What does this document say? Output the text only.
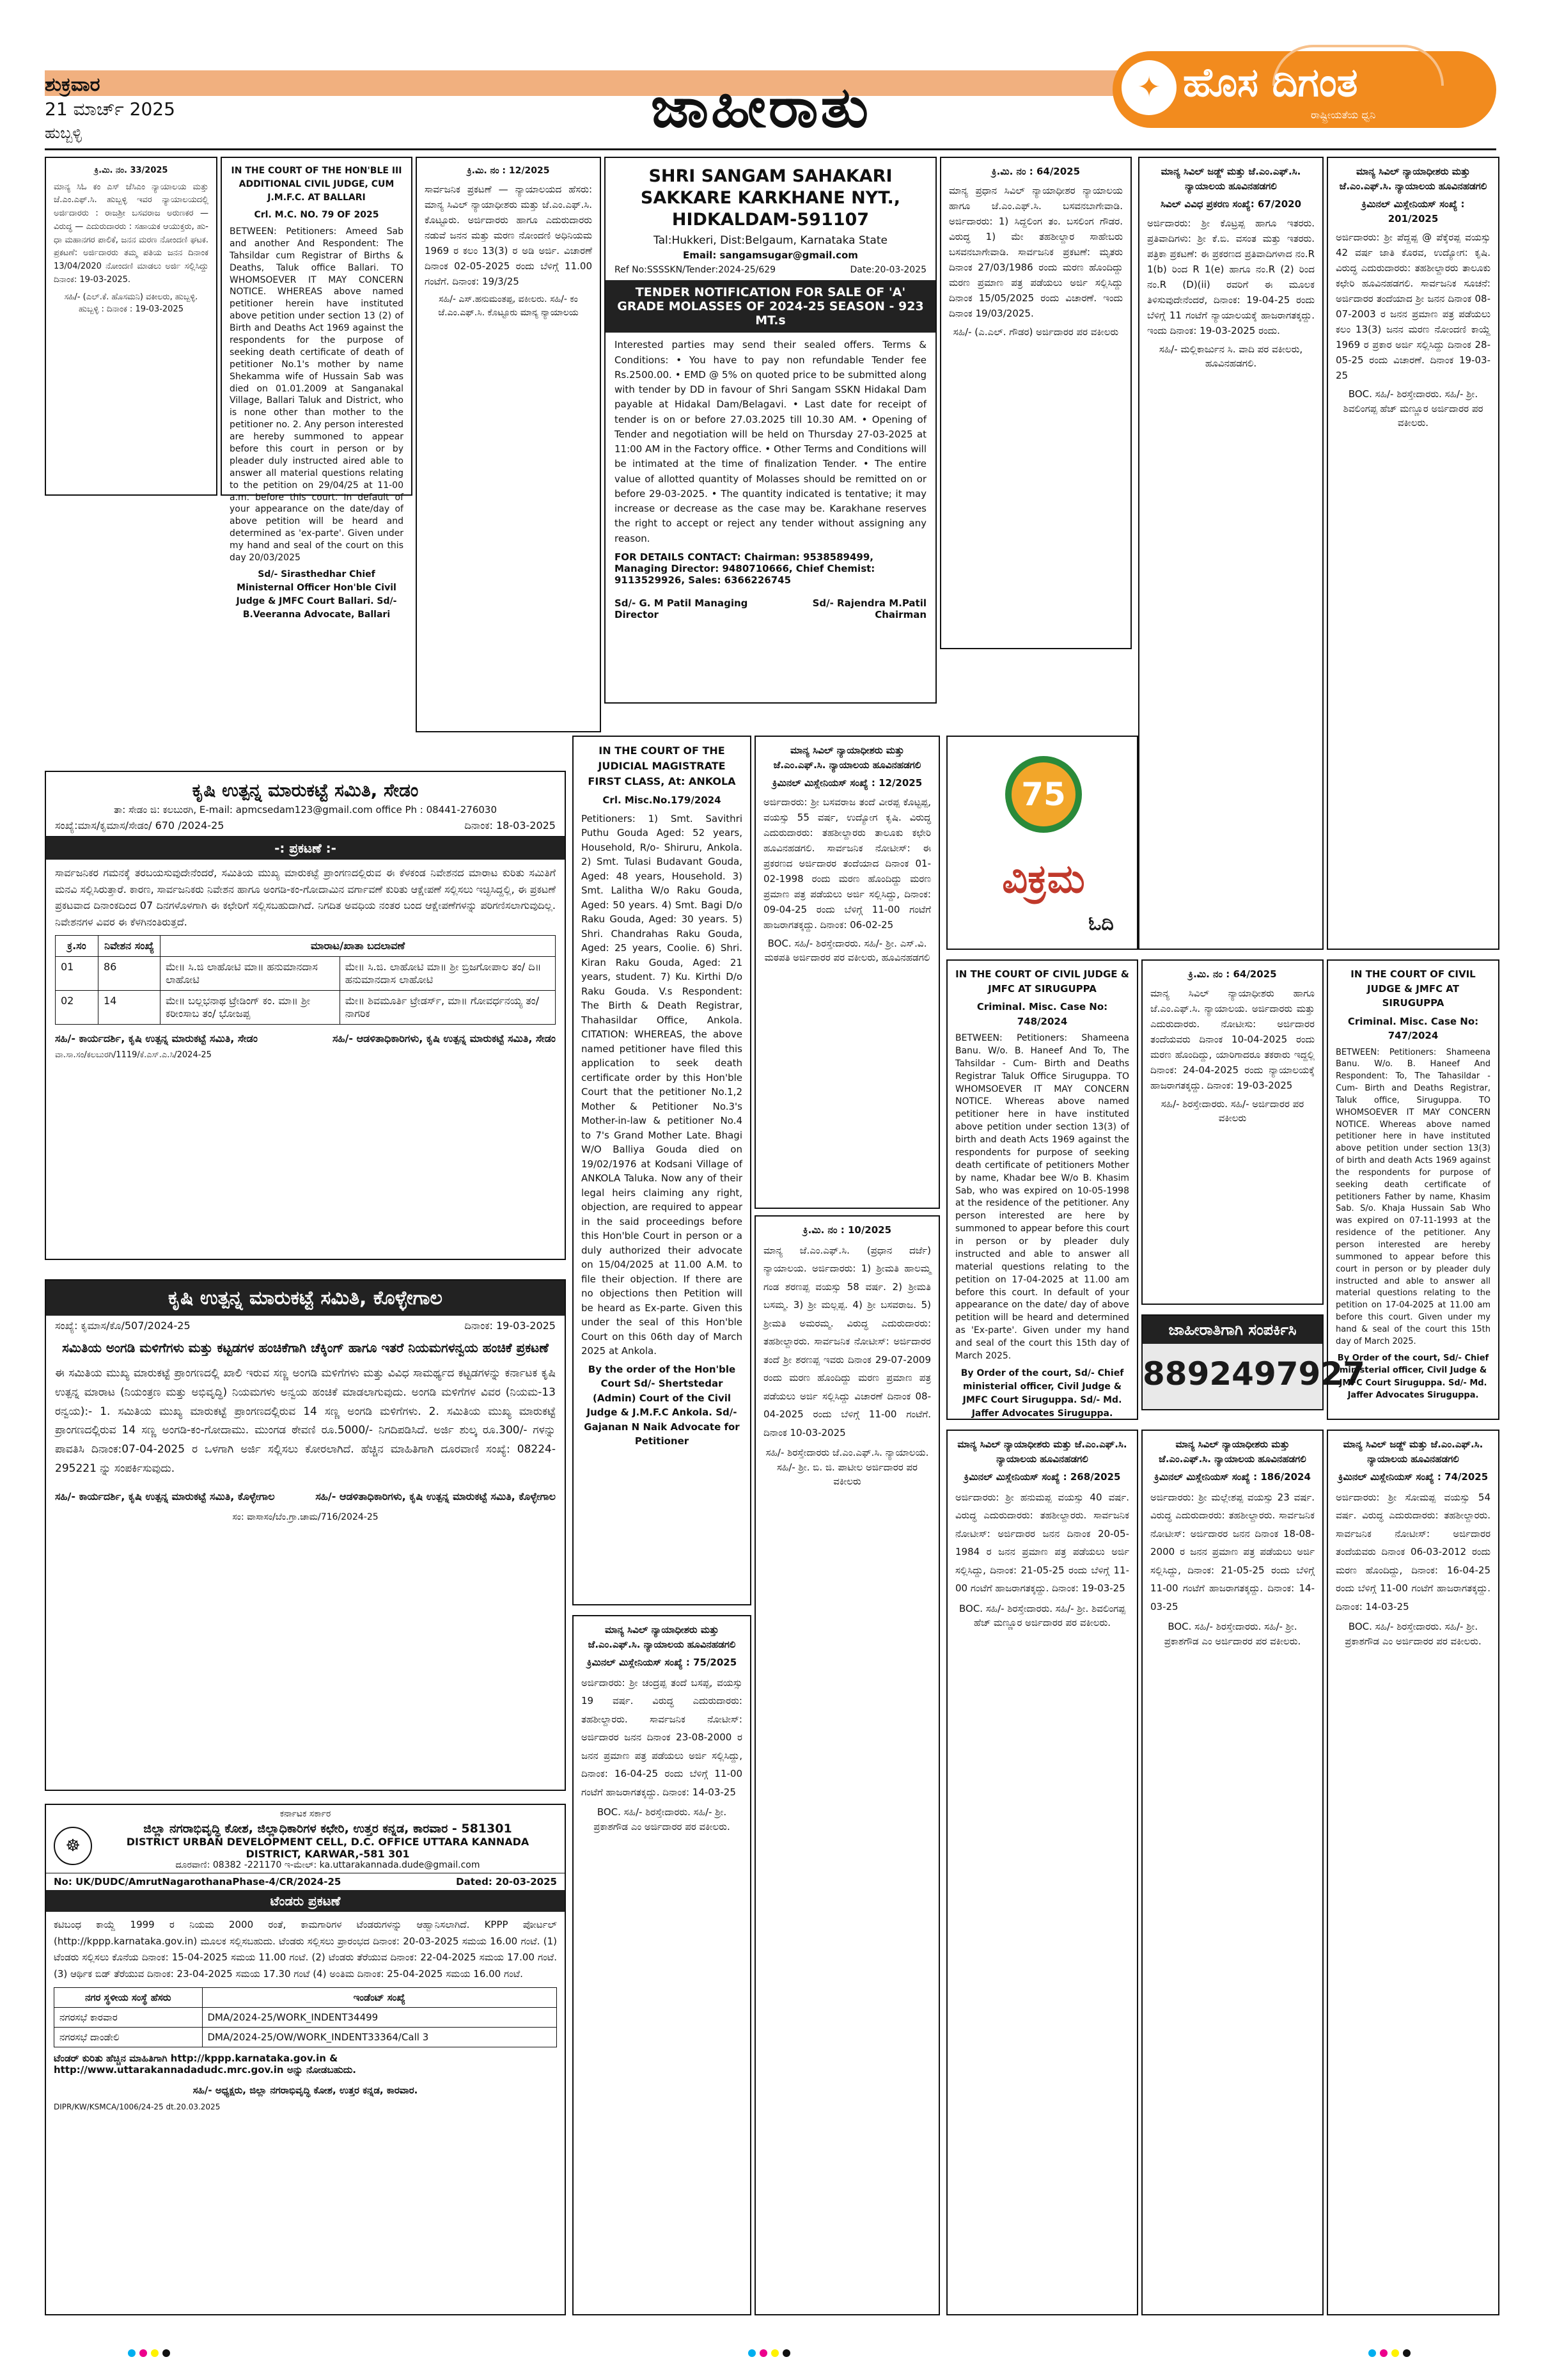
ಶುಕ್ರವಾರ
21 ಮಾರ್ಚ್ 2025
ಹುಬ್ಬಳ್ಳಿ	ಜಾಹೀರಾತು	✦ ಹೊಸ ದಿಗಂತ
ರಾಷ್ಟ್ರೀಯತೆಯ ಧ್ವನಿ

ಕ್ರಿ.ಮಿ. ನಂ. 33/2025

ಮಾನ್ಯ ಸಿಓ ಕಂ ಎಸ್ ಜೆಸಿಎಂ ನ್ಯಾಯಾಲಯ ಮತ್ತು ಜೆ.ಎಂ.ಎಫ್.ಸಿ. ಹುಬ್ಬಳ್ಳಿ ಇವರ ನ್ಯಾಯಾಲಯದಲ್ಲಿ ಅರ್ಜಿದಾರರು : ರಾಜಶ್ರೀ ಬಸವರಾಜ ಅರುಣಕರ — ವಿರುದ್ಧ — ಎದುರುದಾರರು : ಸಹಾಯಕ ಆಯುಕ್ತರು, ಹು-ಧಾ ಮಹಾನಗರ ಪಾಲಿಕೆ, ಜನನ ಮರಣ ನೋಂದಣಿ ಘಟಕ. ಪ್ರಕಟಣೆ: ಅರ್ಜಿದಾರರು ತಮ್ಮ ಪತಿಯ ಜನನ ದಿನಾಂಕ 13/04/2020 ನೋಂದಣಿ ಮಾಡಲು ಅರ್ಜಿ ಸಲ್ಲಿಸಿದ್ದು ದಿನಾಂಕ: 19-03-2025.

ಸಹಿ/- (ಎಲ್.ಕೆ. ಹೊಸಮನಿ) ವಕೀಲರು, ಹುಬ್ಬಳ್ಳಿ. ಹುಬ್ಬಳ್ಳಿ : ದಿನಾಂಕ : 19-03-2025

IN THE COURT OF THE HON'BLE III ADDITIONAL CIVIL JUDGE, CUM J.M.F.C. AT BALLARI

Crl. M.C. NO. 79 OF 2025

BETWEEN: Petitioners: Ameed Sab and another And Respondent: The Tahsildar cum Registrar of Births & Deaths, Taluk office Ballari. TO WHOMSOEVER IT MAY CONCERN NOTICE. WHEREAS above named petitioner herein have instituted above petition under section 13 (2) of Birth and Deaths Act 1969 against the respondents for the purpose of seeking death certificate of death of petitioner No.1's mother by name Shekamma wife of Hussain Sab was died on 01.01.2009 at Sanganakal Village, Ballari Taluk and District, who is none other than mother to the petitioner no. 2. Any person interested are hereby summoned to appear before this court in person or by pleader duly instructed aired able to answer all material questions relating to the petition on 29/04/25 at 11-00 a.m. before this court. In default of your appearance on the date/day of above petition will be heard and determined as 'ex-parte'. Given under my hand and seal of the court on this day 20/03/2025

Sd/- Sirasthedhar Chief Ministernal Officer Hon'ble Civil Judge & JMFC Court Ballari. Sd/- B.Veeranna Advocate, Ballari

ಕ್ರಿ.ಮಿ. ನಂ : 12/2025

ಸಾರ್ವಜನಿಕ ಪ್ರಕಟಣೆ — ನ್ಯಾಯಾಲಯದ ಹೆಸರು: ಮಾನ್ಯ ಸಿವಿಲ್ ನ್ಯಾಯಾಧೀಶರು ಮತ್ತು ಜೆ.ಎಂ.ಎಫ್.ಸಿ. ಕೊಟ್ಟೂರು. ಅರ್ಜಿದಾರರು ಹಾಗೂ ಎದುರುದಾರರು ನಡುವೆ ಜನನ ಮತ್ತು ಮರಣ ನೋಂದಣಿ ಅಧಿನಿಯಮ 1969 ರ ಕಲಂ 13(3) ರ ಅಡಿ ಅರ್ಜಿ. ವಿಚಾರಣೆ ದಿನಾಂಕ 02-05-2025 ರಂದು ಬೆಳಿಗ್ಗೆ 11.00 ಗಂಟೆಗೆ. ದಿನಾಂಕ: 19/3/25

ಸಹಿ/- ಎಸ್.ಹನುಮಂತಪ್ಪ, ವಕೀಲರು. ಸಹಿ/- ಕಂ ಜೆ.ಎಂ.ಎಫ್.ಸಿ. ಕೊಟ್ಟೂರು ಮಾನ್ಯ ನ್ಯಾಯಾಲಯ

SHRI SANGAM SAHAKARI SAKKARE KARKHANE NYT., HIDKALDAM-591107
Tal:Hukkeri, Dist:Belgaum, Karnataka State
Email: sangamsugar@gmail.com
Ref No:SSSSKN/Tender:2024-25/629	Date:20-03-2025
TENDER NOTIFICATION FOR SALE OF 'A' GRADE MOLASSES OF 2024-25 SEASON - 923 MT.s
Interested parties may send their sealed offers. Terms & Conditions: • You have to pay non refundable Tender fee Rs.2500.00. • EMD @ 5% on quoted price to be submitted along with tender by DD in favour of Shri Sangam SSKN Hidakal Dam payable at Hidakal Dam/Belagavi. • Last date for receipt of tender is on or before 27.03.2025 till 10.30 AM. • Opening of Tender and negotiation will be held on Thursday 27-03-2025 at 11:00 AM in the Factory office. • Other Terms and Conditions will be intimated at the time of finalization Tender. • The entire value of allotted quantity of Molasses should be remitted on or before 29-03-2025. • The quantity indicated is tentative; it may increase or decrease as the case may be. Karakhane reserves the right to accept or reject any tender without assigning any reason.
FOR DETAILS CONTACT: Chairman: 9538589499, Managing Director: 9480710666, Chief Chemist: 9113529926, Sales: 6366226745
Sd/- G. M Patil Managing Director
Sd/- Rajendra M.Patil Chairman

ಕ್ರಿ.ಮಿ. ನಂ : 64/2025

ಮಾನ್ಯ ಪ್ರಧಾನ ಸಿವಿಲ್ ನ್ಯಾಯಾಧೀಶರ ನ್ಯಾಯಾಲಯ ಹಾಗೂ ಜೆ.ಎಂ.ಎಫ್.ಸಿ. ಬಸವನಬಾಗೇವಾಡಿ. ಅರ್ಜಿದಾರರು: 1) ಸಿದ್ದಲಿಂಗ ತಂ. ಬಸಲಿಂಗ ಗೌಡರ. ವಿರುದ್ಧ 1) ಮೇ ತಹಶೀಲ್ದಾರ ಸಾಹೇಬರು ಬಸವನಬಾಗೇವಾಡಿ. ಸಾರ್ವಜನಿಕ ಪ್ರಕಟಣೆ: ಮೃತರು ದಿನಾಂಕ 27/03/1986 ರಂದು ಮರಣ ಹೊಂದಿದ್ದು ಮರಣ ಪ್ರಮಾಣ ಪತ್ರ ಪಡೆಯಲು ಅರ್ಜಿ ಸಲ್ಲಿಸಿದ್ದು ದಿನಾಂಕ 15/05/2025 ರಂದು ವಿಚಾರಣೆ. ಇಂದು ದಿನಾಂಕ 19/03/2025.

ಸಹಿ/- (ಎ.ಎಲ್. ಗೌಡರ) ಅರ್ಜಿದಾರರ ಪರ ವಕೀಲರು

ಮಾನ್ಯ ಸಿವಿಲ್ ಜಡ್ಜ್ ಮತ್ತು ಜೆ.ಎಂ.ಎಫ್.ಸಿ. ನ್ಯಾಯಾಲಯ ಹೂವಿನಹಡಗಲಿ

ಸಿವಿಲ್ ವಿವಿಧ ಪ್ರಕರಣ ಸಂಖ್ಯೆ: 67/2020

ಅರ್ಜಿದಾರರು: ಶ್ರೀ ಕೊಟ್ರಪ್ಪ ಹಾಗೂ ಇತರರು. ಪ್ರತಿವಾದಿಗಳು: ಶ್ರೀ ಕೆ.ಬಿ. ವಸಂತ ಮತ್ತು ಇತರರು. ಪತ್ರಿಕಾ ಪ್ರಕಟಣೆ: ಈ ಪ್ರಕರಣದ ಪ್ರತಿವಾದಿಗಳಾದ ನಂ.R 1(b) ರಿಂದ R 1(e) ಹಾಗೂ ನಂ.R (2) ರಿಂದ ನಂ.R (D)(ii) ರವರಿಗೆ ಈ ಮೂಲಕ ತಿಳಿಸುವುದೇನೆಂದರೆ, ದಿನಾಂಕ: 19-04-25 ರಂದು ಬೆಳಿಗ್ಗೆ 11 ಗಂಟೆಗೆ ನ್ಯಾಯಾಲಯಕ್ಕೆ ಹಾಜರಾಗತಕ್ಕದ್ದು. ಇಂದು ದಿನಾಂಕ: 19-03-2025 ರಂದು.

ಸಹಿ/- ಮಲ್ಲಿಕಾರ್ಜುನ ಸಿ. ವಾದಿ ಪರ ವಕೀಲರು, ಹೂವಿನಹಡಗಲಿ.

ಮಾನ್ಯ ಸಿವಿಲ್ ನ್ಯಾಯಾಧೀಶರು ಮತ್ತು ಜೆ.ಎಂ.ಎಫ್.ಸಿ. ನ್ಯಾಯಾಲಯ ಹೂವಿನಹಡಗಲಿ

ಕ್ರಿಮಿನಲ್ ಮಿಸ್ಲೇನಿಯಸ್ ಸಂಖ್ಯೆ : 201/2025

ಅರ್ಜಿದಾರರು: ಶ್ರೀ ಪೆದ್ದಪ್ಪ @ ಪೆಕ್ಕೆರಪ್ಪ ವಯಸ್ಸು 42 ವರ್ಷ ಜಾತಿ ಕೊರವ, ಉದ್ಯೋಗ: ಕೃಷಿ. ವಿರುದ್ಧ ಎದುರುದಾರರು: ತಹಶೀಲ್ದಾರರು ತಾಲೂಕು ಕಛೇರಿ ಹೂವಿನಹಡಗಲಿ. ಸಾರ್ವಜನಿಕ ಸೂಚನೆ: ಅರ್ಜಿದಾರರ ತಂದೆಯಾದ ಶ್ರೀ ಜನನ ದಿನಾಂಕ 08-07-2003 ರ ಜನನ ಪ್ರಮಾಣ ಪತ್ರ ಪಡೆಯಲು ಕಲಂ 13(3) ಜನನ ಮರಣ ನೋಂದಣಿ ಕಾಯ್ದೆ 1969 ರ ಪ್ರಕಾರ ಅರ್ಜಿ ಸಲ್ಲಿಸಿದ್ದು ದಿನಾಂಕ 28-05-25 ರಂದು ವಿಚಾರಣೆ. ದಿನಾಂಕ 19-03-25

BOC. ಸಹಿ/- ಶಿರಸ್ತೇದಾರರು. ಸಹಿ/- ಶ್ರೀ. ಶಿವಲಿಂಗಪ್ಪ ಹೆಚ್ ಮಣ್ಣೂರ ಅರ್ಜಿದಾರರ ಪರ ವಕೀಲರು.

ಕೃಷಿ ಉತ್ಪನ್ನ ಮಾರುಕಟ್ಟೆ ಸಮಿತಿ, ಸೇಡಂ
ತಾ: ಸೇಡಂ ಜಿ: ಕಲಬುರಗಿ, E-mail: apmcsedam123@gmail.com office Ph : 08441-276030
ಸಂಖ್ಯೆ:ಮಾಸ/ಕೃಮಾಸ/ಸೇಡಂ/ 670 /2024-25	ದಿನಾಂಕ: 18-03-2025
-: ಪ್ರಕಟಣೆ :-
ಸಾರ್ವಜನಿಕರ ಗಮನಕ್ಕೆ ತರಬಯಸುವುದೇನೆಂದರೆ, ಸಮಿತಿಯ ಮುಖ್ಯ ಮಾರುಕಟ್ಟೆ ಪ್ರಾಂಗಣದಲ್ಲಿರುವ ಈ ಕೆಳಕಂಡ ನಿವೇಶನದ ಮಾರಾಟ ಕುರಿತು ಸಮಿತಿಗೆ ಮನವಿ ಸಲ್ಲಿಸಿರುತ್ತಾರೆ. ಕಾರಣ, ಸಾರ್ವಜನಿಕರು ನಿವೇಶನ ಹಾಗೂ ಅಂಗಡಿ-ಕಂ-ಗೋದಾಮಿನ ವರ್ಗಾವಣೆ ಕುರಿತು ಆಕ್ಷೇಪಣೆ ಸಲ್ಲಿಸಲು ಇಚ್ಛಿಸಿದ್ದಲ್ಲಿ, ಈ ಪ್ರಕಟಣೆ ಪ್ರಕಟವಾದ ದಿನಾಂಕದಿಂದ 07 ದಿನಗಳೊಳಗಾಗಿ ಈ ಕಛೇರಿಗೆ ಸಲ್ಲಿಸಬಹುದಾಗಿದೆ. ನಿಗದಿತ ಅವಧಿಯ ನಂತರ ಬಂದ ಆಕ್ಷೇಪಣೆಗಳನ್ನು ಪರಿಗಣಿಸಲಾಗುವುದಿಲ್ಲ. ನಿವೇಶನಗಳ ವಿವರ ಈ ಕೆಳಗಿನಂತಿರುತ್ತದೆ.
ಕ್ರ.ಸಂ	ನಿವೇಶನ ಸಂಖ್ಯೆ	ಮಾರಾಟ/ಖಾತಾ ಬದಲಾವಣೆ	
01	86	ಮೇ॥ ಸಿ.ಜಿ ಲಾಹೋಟಿ ಮಾ॥ ಹನುಮಾನದಾಸ ಲಾಹೋಟಿ	ಮೇ॥ ಸಿ.ಜಿ. ಲಾಹೋಟಿ ಮಾ॥ ಶ್ರೀ ಬ್ರಿಜಗೋಪಾಲ ತಂ/ ದಿ॥ ಹನುಮಾನದಾಸ ಲಾಹೋಟಿ
02	14	ಮೇ॥ ಬಲ್ಲಭನಾಥ ಟ್ರೇಡಿಂಗ್ ಕಂ. ಮಾ॥ ಶ್ರೀ ಕರೀಂಸಾಬ ತಂ/ ಭೋಜಪ್ಪ	ಮೇ॥ ಶಿವಮೂರ್ತಿ ಟ್ರೇಡರ್ಸ್, ಮಾ॥ ಗೋವರ್ಧನಯ್ಯ ತಂ/ ನಾಗರಿಕ
ಸಹಿ/- ಕಾರ್ಯದರ್ಶಿ, ಕೃಷಿ ಉತ್ಪನ್ನ ಮಾರುಕಟ್ಟೆ ಸಮಿತಿ, ಸೇಡಂ	ಸಹಿ/- ಆಡಳಿತಾಧಿಕಾರಿಗಳು, ಕೃಷಿ ಉತ್ಪನ್ನ ಮಾರುಕಟ್ಟೆ ಸಮಿತಿ, ಸೇಡಂ
ವಾ.ಸಾ.ಸಂ/ಕಲಬುರಗಿ/1119/ಕೆ.ಎಸ್.ಎ.ಸಿ/2024-25
ಕೃಷಿ ಉತ್ಪನ್ನ ಮಾರುಕಟ್ಟೆ ಸಮಿತಿ, ಕೊಳ್ಳೇಗಾಲ
ಸಂಖ್ಯೆ: ಕೃಮಾಸ/ಕೊ/507/2024-25	ದಿನಾಂಕ: 19-03-2025
ಸಮಿತಿಯ ಅಂಗಡಿ ಮಳಿಗೆಗಳು ಮತ್ತು ಕಟ್ಟಡಗಳ ಹಂಚಿಕೆಗಾಗಿ ಚೆಕ್ಕಿಂಗ್ ಹಾಗೂ ಇತರೆ ನಿಯಮಗಳನ್ವಯ ಹಂಚಿಕೆ ಪ್ರಕಟಣೆ
ಈ ಸಮಿತಿಯ ಮುಖ್ಯ ಮಾರುಕಟ್ಟೆ ಪ್ರಾಂಗಣದಲ್ಲಿ ಖಾಲಿ ಇರುವ ಸಣ್ಣ ಅಂಗಡಿ ಮಳಿಗೆಗಳು ಮತ್ತು ವಿವಿಧ ಸಾಮರ್ಥ್ಯದ ಕಟ್ಟಡಗಳನ್ನು ಕರ್ನಾಟಕ ಕೃಷಿ ಉತ್ಪನ್ನ ಮಾರಾಟ (ನಿಯಂತ್ರಣ ಮತ್ತು ಅಭಿವೃದ್ಧಿ) ನಿಯಮಗಳು ಅನ್ವಯ ಹಂಚಿಕೆ ಮಾಡಲಾಗುವುದು. ಅಂಗಡಿ ಮಳಿಗೆಗಳ ವಿವರ (ನಿಯಮ-13 ರನ್ವಯ):- 1. ಸಮಿತಿಯ ಮುಖ್ಯ ಮಾರುಕಟ್ಟೆ ಪ್ರಾಂಗಣದಲ್ಲಿರುವ 14 ಸಣ್ಣ ಅಂಗಡಿ ಮಳಿಗೆಗಳು. 2. ಸಮಿತಿಯ ಮುಖ್ಯ ಮಾರುಕಟ್ಟೆ ಪ್ರಾಂಗಣದಲ್ಲಿರುವ 14 ಸಣ್ಣ ಅಂಗಡಿ-ಕಂ-ಗೋದಾಮು. ಮುಂಗಡ ಠೇವಣಿ ರೂ.5000/- ನಿಗದಿಪಡಿಸಿದೆ. ಅರ್ಜಿ ಶುಲ್ಕ ರೂ.300/- ಗಳನ್ನು ಪಾವತಿಸಿ ದಿನಾಂಕ:07-04-2025 ರ ಒಳಗಾಗಿ ಅರ್ಜಿ ಸಲ್ಲಿಸಲು ಕೋರಲಾಗಿದೆ. ಹೆಚ್ಚಿನ ಮಾಹಿತಿಗಾಗಿ ದೂರವಾಣಿ ಸಂಖ್ಯೆ: 08224-295221 ನ್ನು ಸಂಪರ್ಕಿಸುವುದು.
ಸಹಿ/- ಕಾರ್ಯದರ್ಶಿ, ಕೃಷಿ ಉತ್ಪನ್ನ ಮಾರುಕಟ್ಟೆ ಸಮಿತಿ, ಕೊಳ್ಳೇಗಾಲ	ಸಹಿ/- ಆಡಳಿತಾಧಿಕಾರಿಗಳು, ಕೃಷಿ ಉತ್ಪನ್ನ ಮಾರುಕಟ್ಟೆ ಸಮಿತಿ, ಕೊಳ್ಳೇಗಾಲ
ಸಂ: ವಾಸಾಸಂ/ಬೆಂ.ಗ್ರಾ.ಚಾಮ/716/2024-25
ಕರ್ನಾಟಕ ಸರ್ಕಾರ
☸
ಜಿಲ್ಲಾ ನಗರಾಭಿವೃದ್ಧಿ ಕೋಶ, ಜಿಲ್ಲಾಧಿಕಾರಿಗಳ ಕಛೇರಿ, ಉತ್ತರ ಕನ್ನಡ, ಕಾರವಾರ - 581301
DISTRICT URBAN DEVELOPMENT CELL, D.C. OFFICE UTTARA KANNADA DISTRICT, KARWAR,-581 301
ದೂರವಾಣಿ: 08382 -221170 ಇ-ಮೇಲ್: ka.uttarakannada.dude@gmail.com
No: UK/DUDC/AmrutNagarothanaPhase-4/CR/2024-25	Dated: 20-03-2025
ಟೆಂಡರು ಪ್ರಕಟಣೆ
ಕಟಿಬಂಧ ಕಾಯ್ದೆ 1999 ರ ನಿಯಮ 2000 ರಂತೆ, ಕಾಮಗಾರಿಗಳ ಟೆಂಡರುಗಳನ್ನು ಆಹ್ವಾನಿಸಲಾಗಿದೆ. KPPP ಪೋರ್ಟಲ್ (http://kppp.karnataka.gov.in) ಮೂಲಕ ಸಲ್ಲಿಸಬಹುದು. ಟೆಂಡರು ಸಲ್ಲಿಸಲು ಪ್ರಾರಂಭದ ದಿನಾಂಕ: 20-03-2025 ಸಮಯ 16.00 ಗಂಟೆ. (1) ಟೆಂಡರು ಸಲ್ಲಿಸಲು ಕೊನೆಯ ದಿನಾಂಕ: 15-04-2025 ಸಮಯ 11.00 ಗಂಟೆ. (2) ಟೆಂಡರು ತೆರೆಯುವ ದಿನಾಂಕ: 22-04-2025 ಸಮಯ 17.00 ಗಂಟೆ. (3) ಆರ್ಥಿಕ ಬಿಡ್ ತೆರೆಯುವ ದಿನಾಂಕ: 23-04-2025 ಸಮಯ 17.30 ಗಂಟೆ (4) ಅಂತಿಮ ದಿನಾಂಕ: 25-04-2025 ಸಮಯ 16.00 ಗಂಟೆ.
ನಗರ ಸ್ಥಳೀಯ ಸಂಸ್ಥೆ ಹೆಸರು	ಇಂಡೆಂಟ್ ಸಂಖ್ಯೆ
ನಗರಸಭೆ ಕಾರವಾರ	DMA/2024-25/WORK_INDENT34499
ನಗರಸಭೆ ದಾಂಡೇಲಿ	DMA/2024-25/OW/WORK_INDENT33364/Call 3
ಟೆಂಡರ್ ಕುರಿತು ಹೆಚ್ಚಿನ ಮಾಹಿತಿಗಾಗಿ http://kppp.karnataka.gov.in & http://www.uttarakannadadudc.mrc.gov.in ಅನ್ನು ನೋಡಬಹುದು.
ಸಹಿ/- ಅಧ್ಯಕ್ಷರು, ಜಿಲ್ಲಾ ನಗರಾಭಿವೃದ್ಧಿ ಕೋಶ, ಉತ್ತರ ಕನ್ನಡ, ಕಾರವಾರ.
DIPR/KW/KSMCA/1006/24-25 dt.20.03.2025

IN THE COURT OF THE JUDICIAL MAGISTRATE FIRST CLASS, At: ANKOLA

Crl. Misc.No.179/2024

Petitioners: 1) Smt. Savithri Puthu Gouda Aged: 52 years, Household, R/o- Shiruru, Ankola. 2) Smt. Tulasi Budavant Gouda, Aged: 48 years, Household. 3) Smt. Lalitha W/o Raku Gouda, Aged: 50 years. 4) Smt. Bagi D/o Raku Gouda, Aged: 30 years. 5) Shri. Chandrahas Raku Gouda, Aged: 25 years, Coolie. 6) Shri. Kiran Raku Gouda, Aged: 21 years, student. 7) Ku. Kirthi D/o Raku Gouda. V.s Respondent: The Birth & Death Registrar, Thahasildar Office, Ankola. CITATION: WHEREAS, the above named petitioner have filed this application to seek death certificate order by this Hon'ble Court that the petitioner No.1,2 Mother & Petitioner No.3's Mother-in-law & petitioner No.4 to 7's Grand Mother Late. Bhagi W/O Balliya Gouda died on 19/02/1976 at Kodsani Village of ANKOLA Taluka. Now any of their legal heirs claiming any right, objection, are required to appear in the said proceedings before this Hon'ble Court in person or a duly authorized their advocate on 15/04/2025 at 11.00 A.M. to file their objection. If there are no objections then Petition will be heard as Ex-parte. Given this under the seal of this Hon'ble Court on this 06th day of March 2025 at Ankola.

By the order of the Hon'ble Court Sd/- Shertstedar (Admin) Court of the Civil Judge & J.M.F.C Ankola. Sd/- Gajanan N Naik Advocate for Petitioner

ಮಾನ್ಯ ಸಿವಿಲ್ ನ್ಯಾಯಾಧೀಶರು ಮತ್ತು ಜೆ.ಎಂ.ಎಫ್.ಸಿ. ನ್ಯಾಯಾಲಯ ಹೂವಿನಹಡಗಲಿ

ಕ್ರಿಮಿನಲ್ ಮಿಸ್ಲೇನಿಯಸ್ ಸಂಖ್ಯೆ : 12/2025

ಅರ್ಜಿದಾರರು: ಶ್ರೀ ಬಸವರಾಜ ತಂದೆ ವೀರಪ್ಪ ಕೊಟ್ಟಪ್ಪ, ವಯಸ್ಸು 55 ವರ್ಷ, ಉದ್ಯೋಗ ಕೃಷಿ. ವಿರುದ್ಧ ಎದುರುದಾರರು: ತಹಶೀಲ್ದಾರರು ತಾಲೂಕು ಕಛೇರಿ ಹೂವಿನಹಡಗಲಿ. ಸಾರ್ವಜನಿಕ ನೋಟೀಸ್: ಈ ಪ್ರಕರಣದ ಅರ್ಜಿದಾರರ ತಂದೆಯಾದ ದಿನಾಂಕ 01-02-1998 ರಂದು ಮರಣ ಹೊಂದಿದ್ದು ಮರಣ ಪ್ರಮಾಣ ಪತ್ರ ಪಡೆಯಲು ಅರ್ಜಿ ಸಲ್ಲಿಸಿದ್ದು, ದಿನಾಂಕ: 09-04-25 ರಂದು ಬೆಳಿಗ್ಗೆ 11-00 ಗಂಟೆಗೆ ಹಾಜರಾಗತಕ್ಕದ್ದು. ದಿನಾಂಕ: 06-02-25

BOC. ಸಹಿ/- ಶಿರಸ್ತೇದಾರರು. ಸಹಿ/- ಶ್ರೀ. ಎಸ್.ವಿ. ಮಠಪತಿ ಅರ್ಜಿದಾರರ ಪರ ವಕೀಲರು, ಹೂವಿನಹಡಗಲಿ

75
ವಿಕ್ರಮ
ಓದಿ

IN THE COURT OF CIVIL JUDGE & JMFC AT SIRUGUPPA

Criminal. Misc. Case No: 748/2024

BETWEEN: Petitioners: Shameena Banu. W/o. B. Haneef And To, The Tahsildar - Cum- Birth and Deaths Registrar Taluk Office Siruguppa. TO WHOMSOEVER IT MAY CONCERN NOTICE. Whereas above named petitioner here in have instituted above petition under section 13(3) of birth and death Acts 1969 against the respondents for purpose of seeking death certificate of petitioners Mother by name, Khadar bee W/o B. Khasim Sab, who was expired on 10-05-1998 at the residence of the petitioner. Any person interested are here by summoned to appear before this court in person or by pleader duly instructed and able to answer all material questions relating to the petition on 17-04-2025 at 11.00 am before this court. In default of your appearance on the date/ day of above petition will be heard and determined as 'Ex-parte'. Given under my hand and seal of the court this 15th day of March 2025.

By Order of the court, Sd/- Chief ministerial officer, Civil Judge & JMFC Court Siruguppa. Sd/- Md. Jaffer Advocates Siruguppa.

ಕ್ರಿ.ಮಿ. ನಂ : 64/2025

ಮಾನ್ಯ ಸಿವಿಲ್ ನ್ಯಾಯಾಧೀಶರು ಹಾಗೂ ಜೆ.ಎಂ.ಎಫ್.ಸಿ. ನ್ಯಾಯಾಲಯ. ಅರ್ಜಿದಾರರು ಮತ್ತು ಎದುರುದಾರರು. ನೋಟೀಸು: ಅರ್ಜಿದಾರರ ತಂದೆಯವರು ದಿನಾಂಕ 10-04-2025 ರಂದು ಮರಣ ಹೊಂದಿದ್ದು, ಯಾರಿಗಾದರೂ ತಕರಾರು ಇದ್ದಲ್ಲಿ ದಿನಾಂಕ: 24-04-2025 ರಂದು ನ್ಯಾಯಾಲಯಕ್ಕೆ ಹಾಜರಾಗತಕ್ಕದ್ದು. ದಿನಾಂಕ: 19-03-2025

ಸಹಿ/- ಶಿರಸ್ತೇದಾರರು. ಸಹಿ/- ಅರ್ಜಿದಾರರ ಪರ ವಕೀಲರು

ಜಾಹೀರಾತಿಗಾಗಿ ಸಂಪರ್ಕಿಸಿ
8892497927

IN THE COURT OF CIVIL JUDGE & JMFC AT SIRUGUPPA

Criminal. Misc. Case No: 747/2024

BETWEEN: Petitioners: Shameena Banu. W/o. B. Haneef And Respondent: To, The Tahasildar - Cum- Birth and Deaths Registrar, Taluk office, Siruguppa. TO WHOMSOEVER IT MAY CONCERN NOTICE. Whereas above named petitioner here in have instituted above petition under section 13(3) of birth and death Acts 1969 against the respondents for purpose of seeking death certificate of petitioners Father by name, Khasim Sab. S/o. Khaja Hussain Sab Who was expired on 07-11-1993 at the residence of the petitioner. Any person interested are hereby summoned to appear before this court in person or by pleader duly instructed and able to answer all material questions relating to the petition on 17-04-2025 at 11.00 am before this court. Given under my hand & seal of the court this 15th day of March 2025.

By Order of the court, Sd/- Chief ministerial officer, Civil Judge & JMFC Court Siruguppa. Sd/- Md. Jaffer Advocates Siruguppa.

ಕ್ರಿ.ಮಿ. ನಂ : 10/2025

ಮಾನ್ಯ ಜೆ.ಎಂ.ಎಫ್.ಸಿ. (ಪ್ರಧಾನ ದರ್ಜೆ) ನ್ಯಾಯಾಲಯ. ಅರ್ಜಿದಾರರು: 1) ಶ್ರೀಮತಿ ಹಾಲಮ್ಮ ಗಂಡ ಶರಣಪ್ಪ ವಯಸ್ಸು 58 ವರ್ಷ. 2) ಶ್ರೀಮತಿ ಬಸಮ್ಮ. 3) ಶ್ರೀ ಮಲ್ಲಪ್ಪ. 4) ಶ್ರೀ ಬಸವರಾಜ. 5) ಶ್ರೀಮತಿ ಅಮರಮ್ಮ. ವಿರುದ್ಧ ಎದುರುದಾರರು: ತಹಶೀಲ್ದಾರರು. ಸಾರ್ವಜನಿಕ ನೋಟೀಸ್: ಅರ್ಜಿದಾರರ ತಂದೆ ಶ್ರೀ ಶರಣಪ್ಪ ಇವರು ದಿನಾಂಕ 29-07-2009 ರಂದು ಮರಣ ಹೊಂದಿದ್ದು ಮರಣ ಪ್ರಮಾಣ ಪತ್ರ ಪಡೆಯಲು ಅರ್ಜಿ ಸಲ್ಲಿಸಿದ್ದು ವಿಚಾರಣೆ ದಿನಾಂಕ 08-04-2025 ರಂದು ಬೆಳಿಗ್ಗೆ 11-00 ಗಂಟೆಗೆ. ದಿನಾಂಕ 10-03-2025

ಸಹಿ/- ಶಿರಸ್ತೇದಾರರು ಜೆ.ಎಂ.ಎಫ್.ಸಿ. ನ್ಯಾಯಾಲಯ. ಸಹಿ/- ಶ್ರೀ. ಬಿ. ಜಿ. ಪಾಟೀಲ ಅರ್ಜಿದಾರರ ಪರ ವಕೀಲರು

ಮಾನ್ಯ ಸಿವಿಲ್ ನ್ಯಾಯಾಧೀಶರು ಮತ್ತು ಜೆ.ಎಂ.ಎಫ್.ಸಿ. ನ್ಯಾಯಾಲಯ ಹೂವಿನಹಡಗಲಿ

ಕ್ರಿಮಿನಲ್ ಮಿಸ್ಲೇನಿಯಸ್ ಸಂಖ್ಯೆ : 75/2025

ಅರ್ಜಿದಾರರು: ಶ್ರೀ ಚಂದ್ರಪ್ಪ ತಂದೆ ಬಸಪ್ಪ, ವಯಸ್ಸು 19 ವರ್ಷ. ವಿರುದ್ಧ ಎದುರುದಾರರು: ತಹಶೀಲ್ದಾರರು. ಸಾರ್ವಜನಿಕ ನೋಟೀಸ್: ಅರ್ಜಿದಾರರ ಜನನ ದಿನಾಂಕ 23-08-2000 ರ ಜನನ ಪ್ರಮಾಣ ಪತ್ರ ಪಡೆಯಲು ಅರ್ಜಿ ಸಲ್ಲಿಸಿದ್ದು, ದಿನಾಂಕ: 16-04-25 ರಂದು ಬೆಳಿಗ್ಗೆ 11-00 ಗಂಟೆಗೆ ಹಾಜರಾಗತಕ್ಕದ್ದು. ದಿನಾಂಕ: 14-03-25

BOC. ಸಹಿ/- ಶಿರಸ್ತೇದಾರರು. ಸಹಿ/- ಶ್ರೀ. ಪ್ರಕಾಶಗೌಡ ಎಂ ಅರ್ಜಿದಾರರ ಪರ ವಕೀಲರು.

ಮಾನ್ಯ ಸಿವಿಲ್ ನ್ಯಾಯಾಧೀಶರು ಮತ್ತು ಜೆ.ಎಂ.ಎಫ್.ಸಿ. ನ್ಯಾಯಾಲಯ ಹೂವಿನಹಡಗಲಿ

ಕ್ರಿಮಿನಲ್ ಮಿಸ್ಲೇನಿಯಸ್ ಸಂಖ್ಯೆ : 268/2025

ಅರ್ಜಿದಾರರು: ಶ್ರೀ ಹನುಮಪ್ಪ ವಯಸ್ಸು 40 ವರ್ಷ. ವಿರುದ್ಧ ಎದುರುದಾರರು: ತಹಶೀಲ್ದಾರರು. ಸಾರ್ವಜನಿಕ ನೋಟೀಸ್: ಅರ್ಜಿದಾರರ ಜನನ ದಿನಾಂಕ 20-05-1984 ರ ಜನನ ಪ್ರಮಾಣ ಪತ್ರ ಪಡೆಯಲು ಅರ್ಜಿ ಸಲ್ಲಿಸಿದ್ದು, ದಿನಾಂಕ: 21-05-25 ರಂದು ಬೆಳಿಗ್ಗೆ 11-00 ಗಂಟೆಗೆ ಹಾಜರಾಗತಕ್ಕದ್ದು. ದಿನಾಂಕ: 19-03-25

BOC. ಸಹಿ/- ಶಿರಸ್ತೇದಾರರು. ಸಹಿ/- ಶ್ರೀ. ಶಿವಲಿಂಗಪ್ಪ ಹೆಚ್ ಮಣ್ಣೂರ ಅರ್ಜಿದಾರರ ಪರ ವಕೀಲರು.

ಮಾನ್ಯ ಸಿವಿಲ್ ನ್ಯಾಯಾಧೀಶರು ಮತ್ತು ಜೆ.ಎಂ.ಎಫ್.ಸಿ. ನ್ಯಾಯಾಲಯ ಹೂವಿನಹಡಗಲಿ

ಕ್ರಿಮಿನಲ್ ಮಿಸ್ಲೇನಿಯಸ್ ಸಂಖ್ಯೆ : 186/2024

ಅರ್ಜಿದಾರರು: ಶ್ರೀ ಮಲ್ಲೇಶಪ್ಪ ವಯಸ್ಸು 23 ವರ್ಷ. ವಿರುದ್ಧ ಎದುರುದಾರರು: ತಹಶೀಲ್ದಾರರು. ಸಾರ್ವಜನಿಕ ನೋಟೀಸ್: ಅರ್ಜಿದಾರರ ಜನನ ದಿನಾಂಕ 18-08-2000 ರ ಜನನ ಪ್ರಮಾಣ ಪತ್ರ ಪಡೆಯಲು ಅರ್ಜಿ ಸಲ್ಲಿಸಿದ್ದು, ದಿನಾಂಕ: 21-05-25 ರಂದು ಬೆಳಿಗ್ಗೆ 11-00 ಗಂಟೆಗೆ ಹಾಜರಾಗತಕ್ಕದ್ದು. ದಿನಾಂಕ: 14-03-25

BOC. ಸಹಿ/- ಶಿರಸ್ತೇದಾರರು. ಸಹಿ/- ಶ್ರೀ. ಪ್ರಕಾಶಗೌಡ ಎಂ ಅರ್ಜಿದಾರರ ಪರ ವಕೀಲರು.

ಮಾನ್ಯ ಸಿವಿಲ್ ಜಡ್ಜ್ ಮತ್ತು ಜೆ.ಎಂ.ಎಫ್.ಸಿ. ನ್ಯಾಯಾಲಯ ಹೂವಿನಹಡಗಲಿ

ಕ್ರಿಮಿನಲ್ ಮಿಸ್ಲೇನಿಯಸ್ ಸಂಖ್ಯೆ : 74/2025

ಅರ್ಜಿದಾರರು: ಶ್ರೀ ಸೋಮಪ್ಪ ವಯಸ್ಸು 54 ವರ್ಷ. ವಿರುದ್ಧ ಎದುರುದಾರರು: ತಹಶೀಲ್ದಾರರು. ಸಾರ್ವಜನಿಕ ನೋಟೀಸ್: ಅರ್ಜಿದಾರರ ತಂದೆಯವರು ದಿನಾಂಕ 06-03-2012 ರಂದು ಮರಣ ಹೊಂದಿದ್ದು, ದಿನಾಂಕ: 16-04-25 ರಂದು ಬೆಳಿಗ್ಗೆ 11-00 ಗಂಟೆಗೆ ಹಾಜರಾಗತಕ್ಕದ್ದು. ದಿನಾಂಕ: 14-03-25

BOC. ಸಹಿ/- ಶಿರಸ್ತೇದಾರರು. ಸಹಿ/- ಶ್ರೀ. ಪ್ರಕಾಶಗೌಡ ಎಂ ಅರ್ಜಿದಾರರ ಪರ ವಕೀಲರು.
